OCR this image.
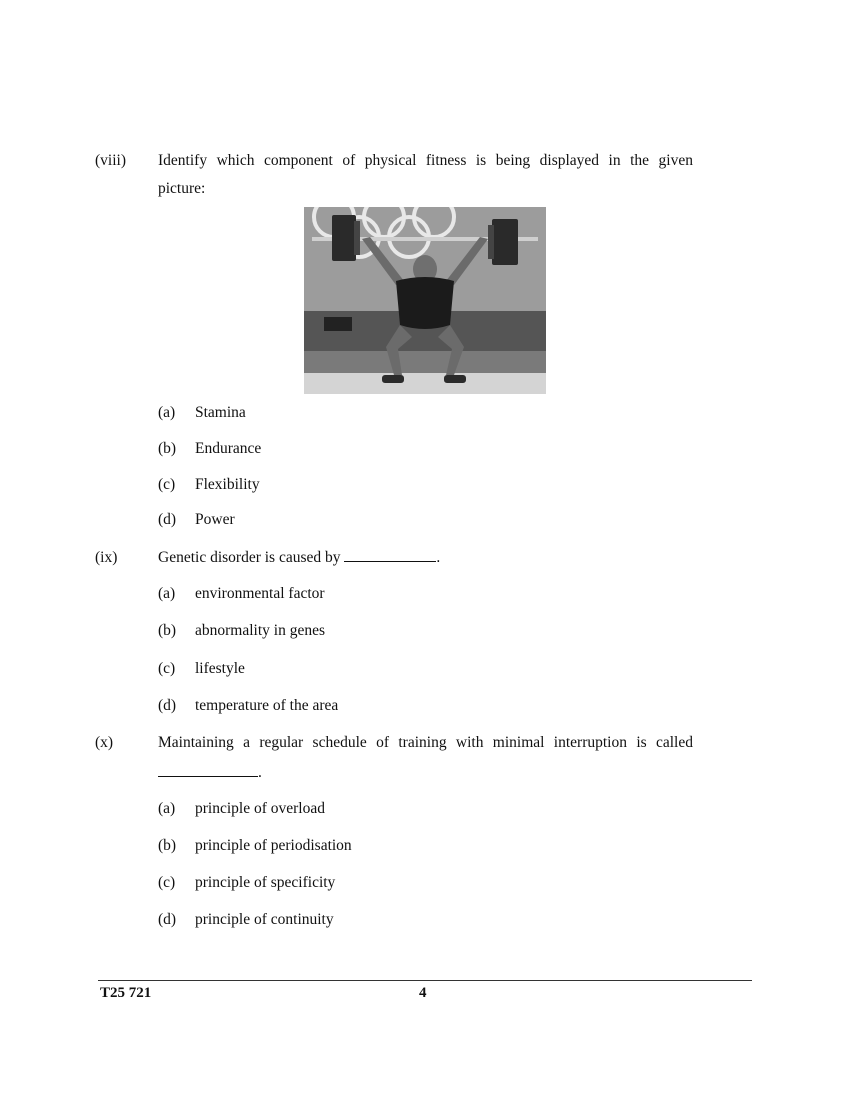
(viii) Identify which component of physical fitness is being displayed in the given
picture:
(a) Stamina
(b) Endurance
(c) Flexibility
(d) Power
(ix)	Genetic disorder is caused by	.
(a) environmental factor
(b) abnormality in genes
(c) lifestyle
(d) temperature of the area
(x)	Maintaining a regular schedule of training with minimal interruption is called
.
(a) principle of overload
(b) principle of periodisation
(c) principle of specificity
(d) principle of continuity
T25 721	4
